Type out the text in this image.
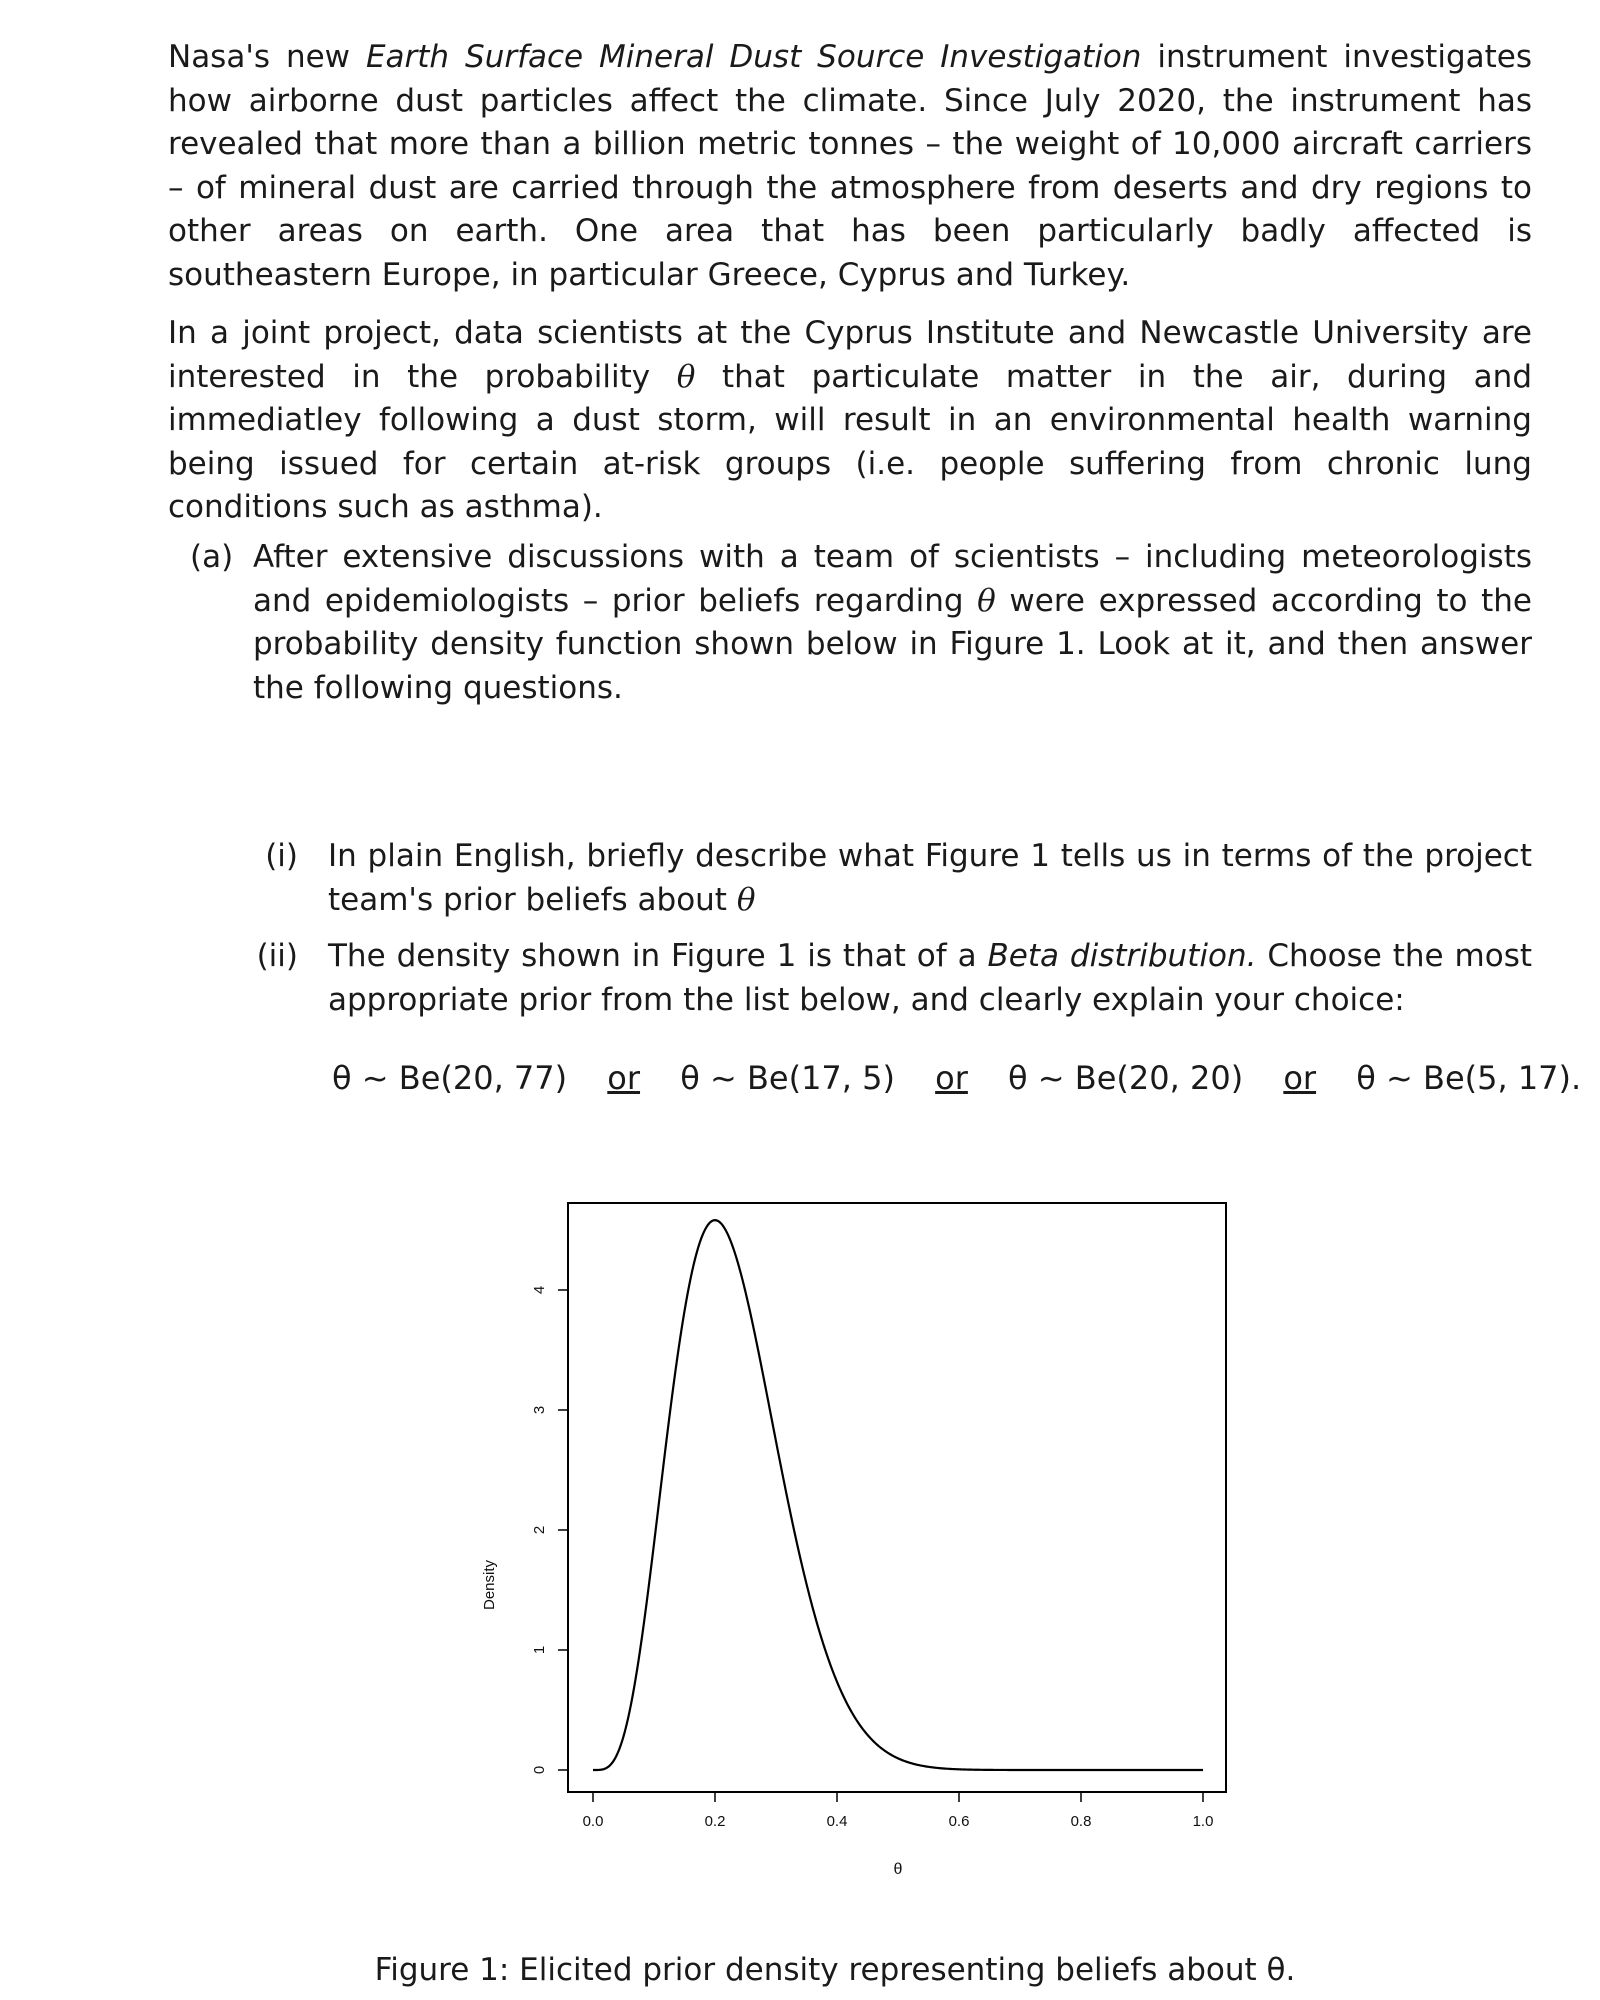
Nasa's new Earth Surface Mineral Dust Source Investigation instrument investigates how airborne dust particles affect the climate. Since July 2020, the instrument has revealed that more than a billion metric tonnes – the weight of 10,000 aircraft carriers – of mineral dust are carried through the atmosphere from deserts and dry regions to other areas on earth. One area that has been particularly badly affected is southeastern Europe, in particular Greece, Cyprus and Turkey.

In a joint project, data scientists at the Cyprus Institute and Newcastle University are interested in the probability θ that particulate matter in the air, during and immediatley following a dust storm, will result in an environmental health warning being issued for certain at-risk groups (i.e. people suffering from chronic lung conditions such as asthma).

(a) After extensive discussions with a team of scientists – including meteorologists and epidemiologists – prior beliefs regarding θ were expressed according to the probability density function shown below in Figure 1. Look at it, and then answer the following questions.
(i) In plain English, briefly describe what Figure 1 tells us in terms of the project team's prior beliefs about θ
(ii) The density shown in Figure 1 is that of a Beta distribution. Choose the most appropriate prior from the list below, and clearly explain your choice:
θ ~ Be(20, 77) or θ ~ Be(17, 5) or θ ~ Be(20, 20) or θ ~ Be(5, 17).
0.0	0.2	0.4	0.6	0.8	1.0
θ
0
1
2
3
4
Density
Figure 1: Elicited prior density representing beliefs about θ.
